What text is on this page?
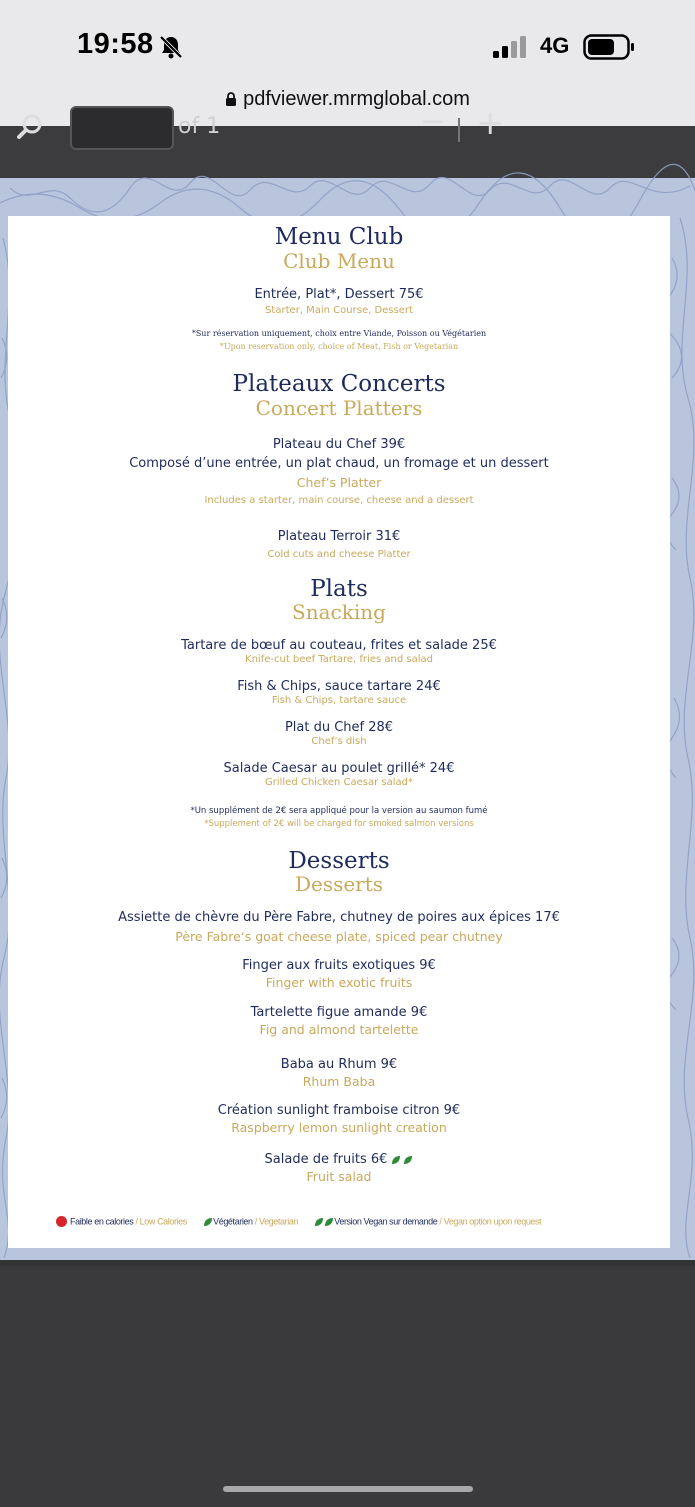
19:58	4G
pdfviewer.mrmglobal.com
of 1	− +
Menu Club
Club Menu
Entrée, Plat*, Dessert 75€
Starter, Main Course, Dessert
*Sur réservation uniquement, choix entre Viande, Poisson ou Végétarien
*Upon reservation only, choice of Meat, Fish or Vegetarian
Plateaux Concerts
Concert Platters
Plateau du Chef 39€
Composé d’une entrée, un plat chaud, un fromage et un dessert
Chef’s Platter
Includes a starter, main course, cheese and a dessert
Plateau Terroir 31€
Cold cuts and cheese Platter
Plats
Snacking
Tartare de bœuf au couteau, frites et salade 25€
Knife-cut beef Tartare, fries and salad
Fish & Chips, sauce tartare 24€
Fish & Chips, tartare sauce
Plat du Chef 28€
Chef’s dish
Salade Caesar au poulet grillé* 24€
Grilled Chicken Caesar salad*
*Un supplément de 2€ sera appliqué pour la version au saumon fumé
*Supplement of 2€ will be charged for smoked salmon versions
Desserts
Desserts
Assiette de chèvre du Père Fabre, chutney de poires aux épices 17€
Père Fabre‘s goat cheese plate, spiced pear chutney
Finger aux fruits exotiques 9€
Finger with exotic fruits
Tartelette figue amande 9€
Fig and almond tartelette
Baba au Rhum 9€
Rhum Baba
Création sunlight framboise citron 9€
Raspberry lemon sunlight creation
Salade de fruits 6€
Fruit salad
Faible en calories / Low Calories	Végétarien / Vegetarian	Version Vegan sur demande / Vegan option upon request
